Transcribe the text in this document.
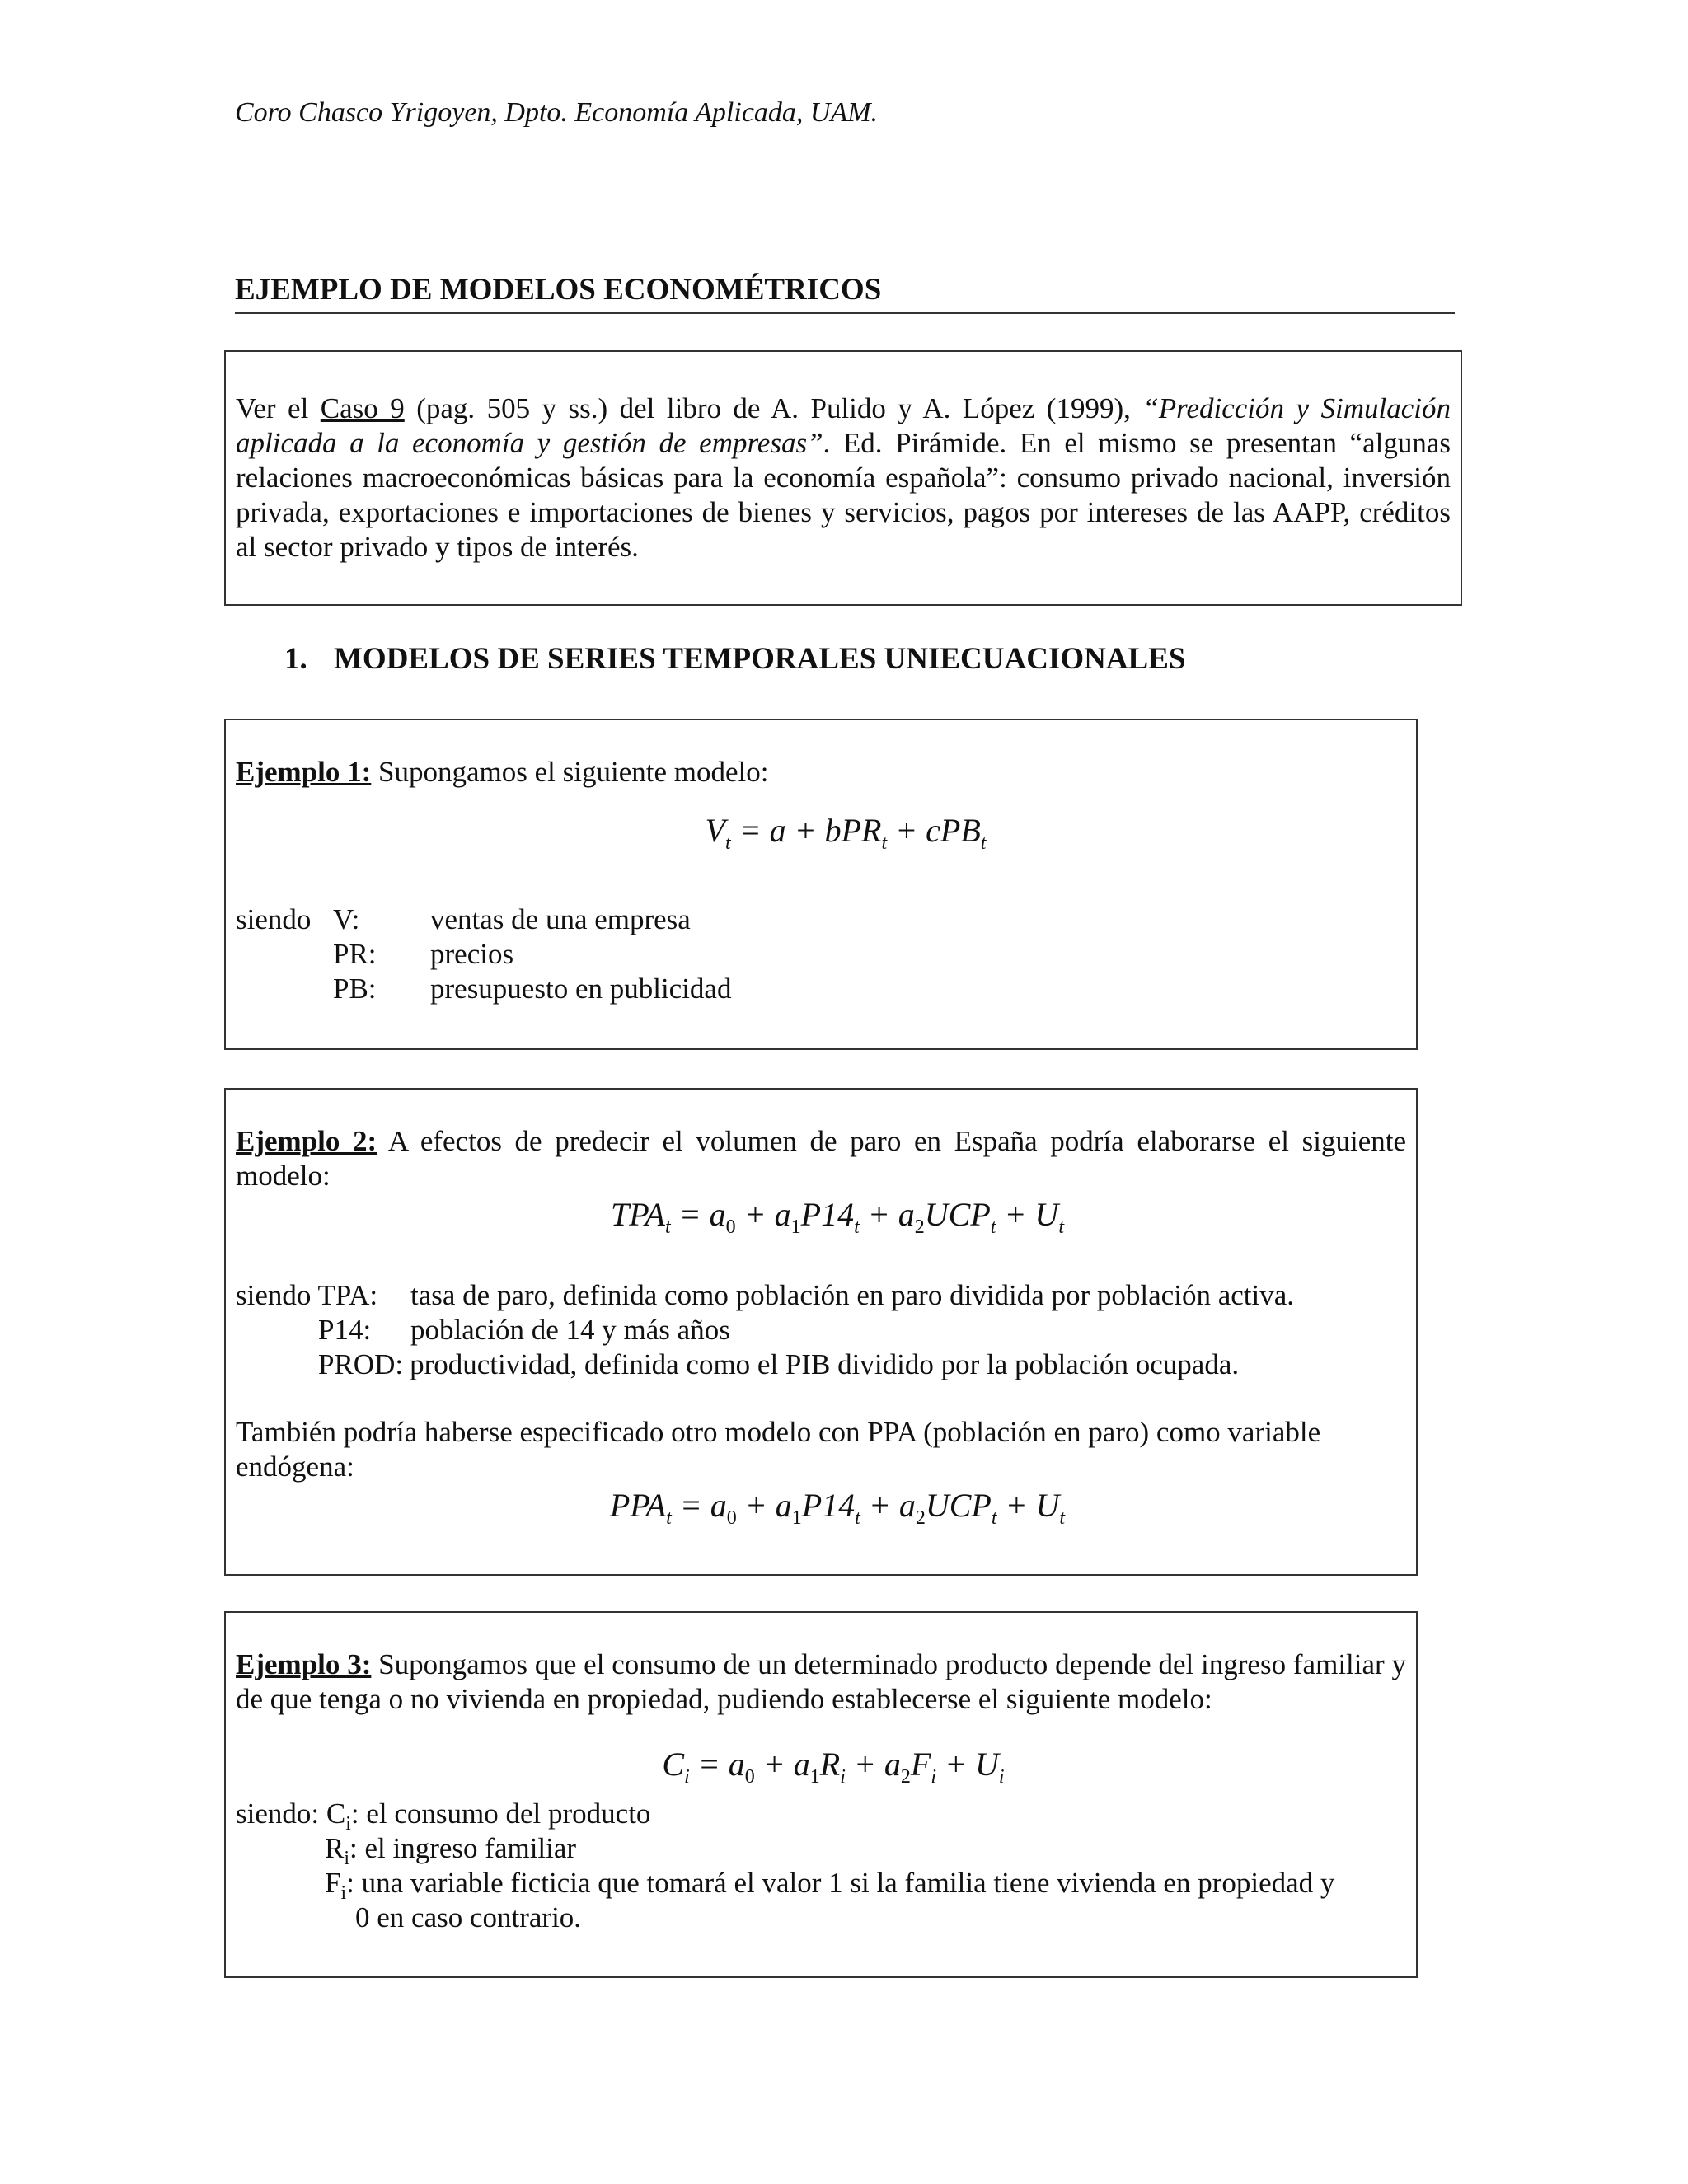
Coro Chasco Yrigoyen, Dpto. Economía Aplicada, UAM.
EJEMPLO DE MODELOS ECONOMÉTRICOS

Ver el Caso 9 (pag. 505 y ss.) del libro de A. Pulido y A. López (1999), “Predicción y Simulación aplicada a la economía y gestión de empresas”. Ed. Pirámide. En el mismo se presentan “algunas relaciones macroeconómicas básicas para la economía española”: consumo privado nacional, inversión privada, exportaciones e importaciones de bienes y servicios, pagos por intereses de las AAPP, créditos al sector privado y tipos de interés.

1. MODELOS DE SERIES TEMPORALES UNIECUACIONALES

Ejemplo 1: Supongamos el siguiente modelo:

$V_t = a + bPR_t + cPB_t$
siendo V:	ventas de una empresa
PR:	precios
PB:	presupuesto en publicidad

Ejemplo 2: A efectos de predecir el volumen de paro en España podría elaborarse el siguiente modelo:

$TPA_t = a_0 + a_1P14_t + a_2UCP_t + U_t$
siendo TPA:	tasa de paro, definida como población en paro dividida por población activa.
P14:	población de 14 y más años
PROD: productividad, definida como el PIB dividido por la población ocupada.

También podría haberse especificado otro modelo con PPA (población en paro) como variable endógena:

$PPA_t = a_0 + a_1P14_t + a_2UCP_t + U_t$

Ejemplo 3: Supongamos que el consumo de un determinado producto depende del ingreso familiar y de que tenga o no vivienda en propiedad, pudiendo establecerse el siguiente modelo:

$C_i = a_0 + a_1R_i + a_2F_i + U_i$
siendo: $C_i$: el consumo del producto
$R_i$: el ingreso familiar
$F_i$: una variable ficticia que tomará el valor 1 si la familia tiene vivienda en propiedad y
0 en caso contrario.
